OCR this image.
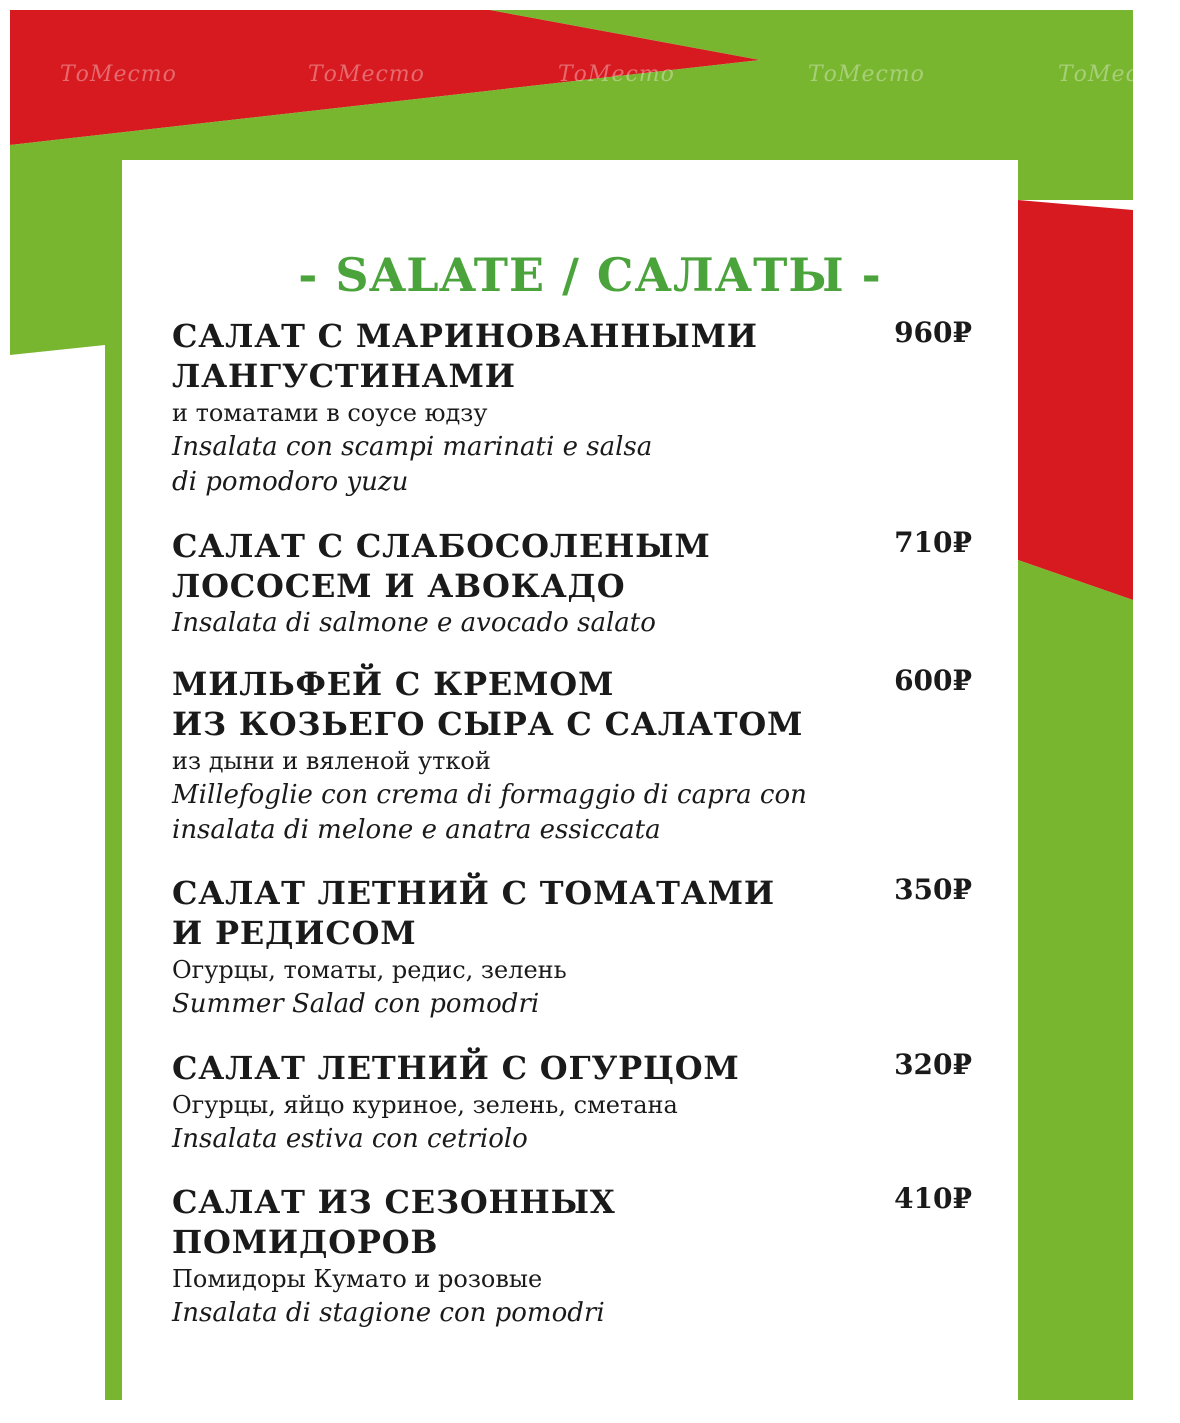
ТоМесто	ТоМесто	ТоМесто	ТоМесто	ТоМесто
- SALATE / САЛАТЫ -
САЛАТ С МАРИНОВАННЫМИ
ЛАНГУСТИНАМИ
и томатами в соусе юдзу
Insalata con scampi marinati e salsa
di pomodoro yuzu
960₽
САЛАТ С СЛАБОСОЛЕНЫМ
ЛОСОСЕМ И АВОКАДО
Insalata di salmone e avocado salato
710₽
МИЛЬФЕЙ С КРЕМОМ
ИЗ КОЗЬЕГО СЫРА С САЛАТОМ
из дыни и вяленой уткой
Millefoglie con crema di formaggio di capra con
insalata di melone e anatra essiccata
600₽
САЛАТ ЛЕТНИЙ С ТОМАТАМИ
И РЕДИСОМ
Огурцы, томаты, редис, зелень
Summer Salad con pomodri
350₽
САЛАТ ЛЕТНИЙ С ОГУРЦОМ
Огурцы, яйцо куриное, зелень, сметана
Insalata estiva con cetriolo
320₽
САЛАТ ИЗ СЕЗОННЫХ
ПОМИДОРОВ
Помидоры Кумато и розовые
Insalata di stagione con pomodri
410₽
